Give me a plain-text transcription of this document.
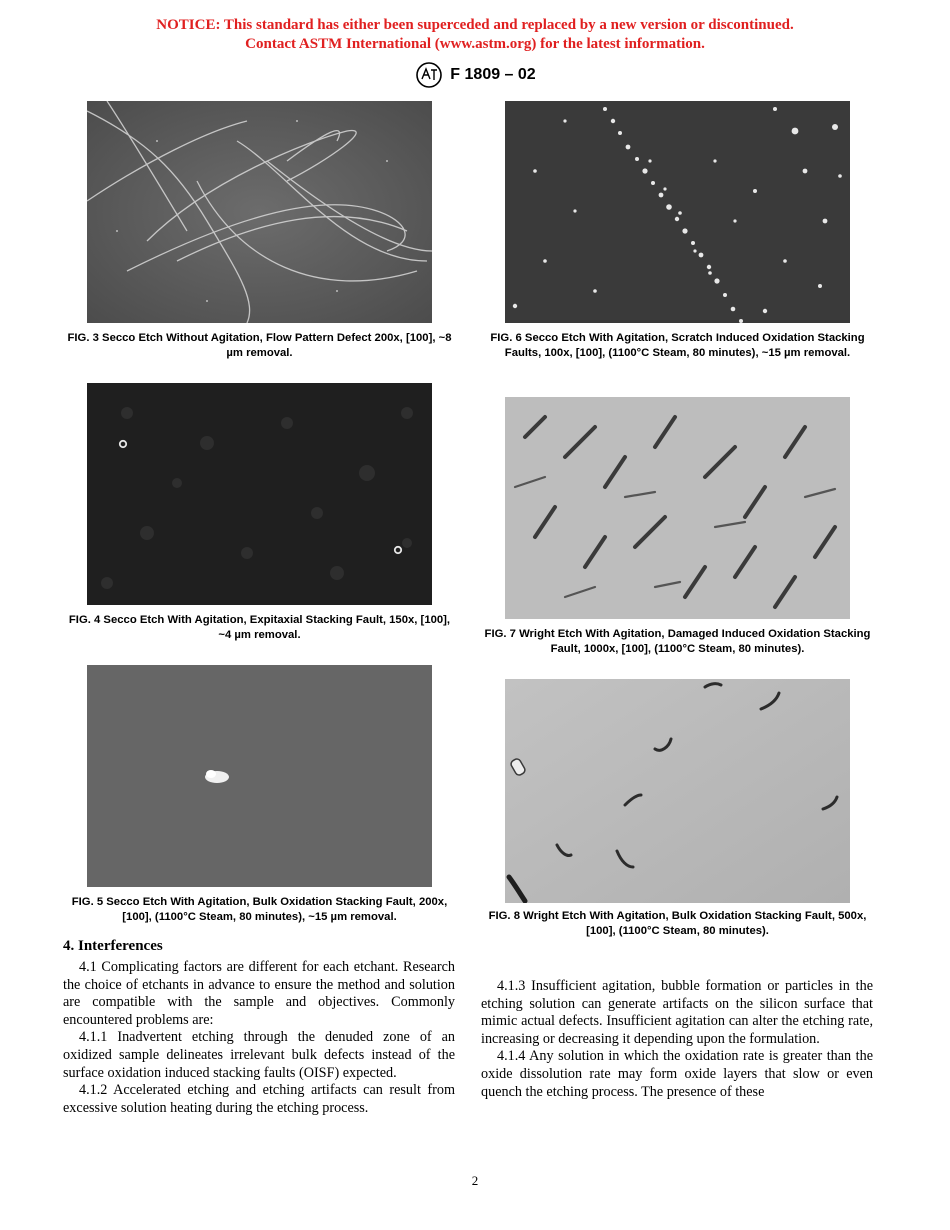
NOTICE: This standard has either been superceded and replaced by a new version or discontinued.
Contact ASTM International (www.astm.org) for the latest information.
F 1809 – 02
FIG. 3 Secco Etch Without Agitation, Flow Pattern Defect 200x, [100], ~8 µm removal.
FIG. 4 Secco Etch With Agitation, Expitaxial Stacking Fault, 150x, [100], ~4 µm removal.
FIG. 5 Secco Etch With Agitation, Bulk Oxidation Stacking Fault, 200x, [100], (1100°C Steam, 80 minutes), ~15 µm removal.
FIG. 6 Secco Etch With Agitation, Scratch Induced Oxidation Stacking Faults, 100x, [100], (1100°C Steam, 80 minutes), ~15 µm removal.
FIG. 7 Wright Etch With Agitation, Damaged Induced Oxidation Stacking Fault, 1000x, [100], (1100°C Steam, 80 minutes).
FIG. 8 Wright Etch With Agitation, Bulk Oxidation Stacking Fault, 500x, [100], (1100°C Steam, 80 minutes).
4. Interferences

4.1 Complicating factors are different for each etchant. Research the choice of etchants in advance to ensure the method and solution are compatible with the sample and objectives. Commonly encountered problems are:

4.1.1 Inadvertent etching through the denuded zone of an oxidized sample delineates irrelevant bulk defects instead of the surface oxidation induced stacking faults (OISF) expected.

4.1.2 Accelerated etching and etching artifacts can result from excessive solution heating during the etching process.

4.1.3 Insufficient agitation, bubble formation or particles in the etching solution can generate artifacts on the silicon surface that mimic actual defects. Insufficient agitation can alter the etching rate, increasing or decreasing it depending upon the formulation.

4.1.4 Any solution in which the oxidation rate is greater than the oxide dissolution rate may form oxide layers that slow or even quench the etching process. The presence of these

2
